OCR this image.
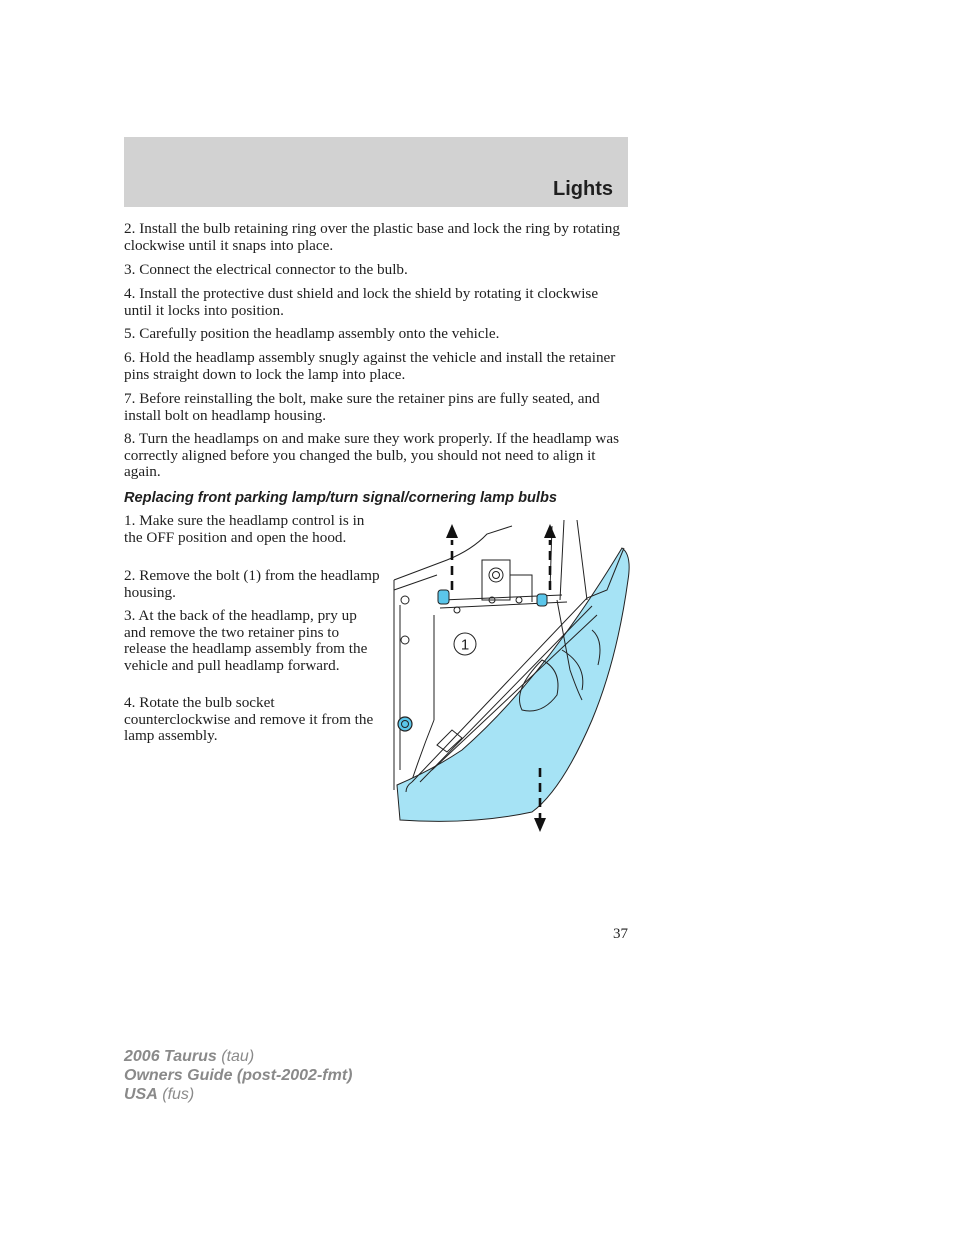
Lights

2. Install the bulb retaining ring over the plastic base and lock the ring by rotating clockwise until it snaps into place.

3. Connect the electrical connector to the bulb.

4. Install the protective dust shield and lock the shield by rotating it clockwise until it locks into position.

5. Carefully position the headlamp assembly onto the vehicle.

6. Hold the headlamp assembly snugly against the vehicle and install the retainer pins straight down to lock the lamp into place.

7. Before reinstalling the bolt, make sure the retainer pins are fully seated, and install bolt on headlamp housing.

8. Turn the headlamps on and make sure they work properly. If the headlamp was correctly aligned before you changed the bulb, you should not need to align it again.

Replacing front parking lamp/turn signal/cornering lamp bulbs

1. Make sure the headlamp control is in the OFF position and open the hood.

2. Remove the bolt (1) from the headlamp housing.

3. At the back of the headlamp, pry up and remove the two retainer pins to release the headlamp assembly from the vehicle and pull headlamp forward.

4. Rotate the bulb socket counterclockwise and remove it from the lamp assembly.

1
37
2006 Taurus (tau)
Owners Guide (post-2002-fmt)
USA (fus)
